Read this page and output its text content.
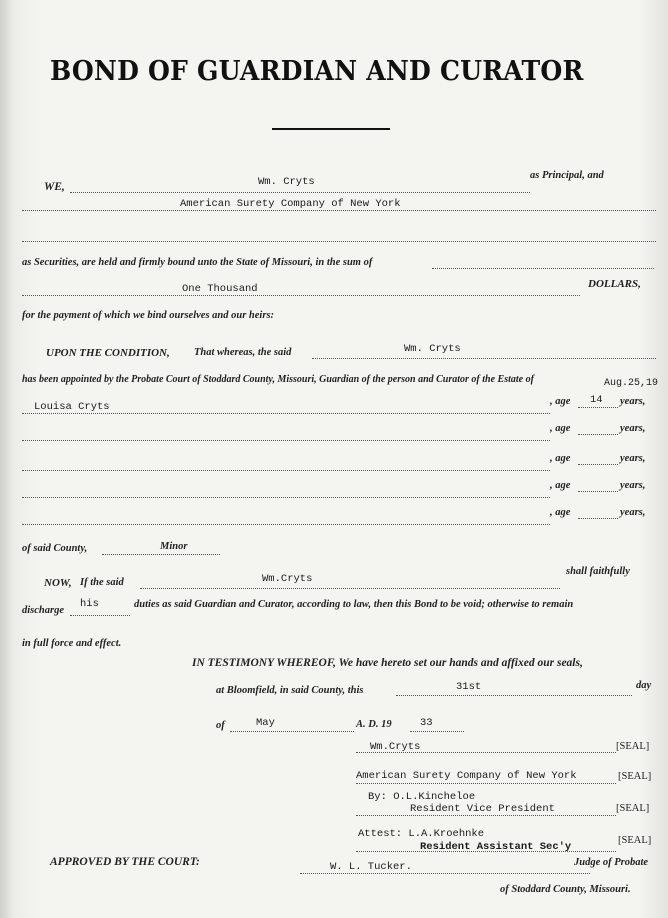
BOND OF GUARDIAN AND CURATOR
WE,	Wm. Cryts
as Principal, and
American Surety Company of New York
as Securities, are held and firmly bound unto the State of Missouri, in the sum of
One Thousand	DOLLARS,
for the payment of which we bind ourselves and our heirs:
UPON THE CONDITION, That whereas, the said	Wm. Cryts
has been appointed by the Probate Court of Stoddard County, Missouri, Guardian of the person and Curator of the Estate of	Aug.25,19
Louisa Cryts	, age 14 years,
, age	years,
, age	years,
, age	years,
, age	years,
of said County,	Minor
NOW, If the said	Wm.Cryts
shall faithfully
discharge
his	duties as said Guardian and Curator, according to law, then this Bond to be void; otherwise to remain
in full force and effect.
IN TESTIMONY WHEREOF, We have hereto set our hands and affixed our seals,
at Bloomfield, in said County, this	31st	day
of	May	A. D. 19	33
Wm.Cryts	[SEAL]
American Surety Company of New York	[SEAL]
By: O.L.Kincheloe
Resident Vice President	[SEAL]
Attest: L.A.Kroehnke
Resident Assistant Sec'y
[SEAL]
APPROVED BY THE COURT:	W. L. Tucker.	Judge of Probate
of Stoddard County, Missouri.
